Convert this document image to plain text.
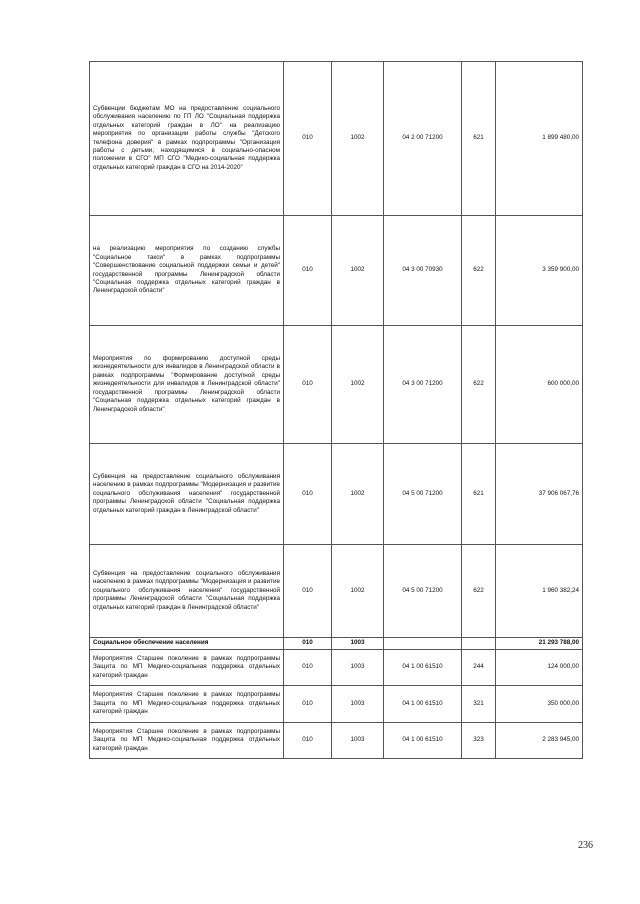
Субвенции бюджетам МО на предоставление социального обслуживания населению по ГП ЛО "Социальная поддержка отдельных категорий граждан в ЛО" на реализацию мероприятия по организации работы службы "Детского телефона доверия" в рамках подпрограммы "Организация работы с детьми, находящимися в социально-опасном положении в СГО" МП СГО "Медико-социальная поддержка отдельных категорий граждан в СГО на 2014-2020"	010	1002	04 2 00 71200	621	1 899 480,00
на реализацию мероприятия по созданию службы "Социальное такси" в рамках подпрограммы "Совершенствование социальной поддержки семьи и детей" государственной программы Ленинградской области "Социальная поддержка отдельных категорий граждан в Ленинградской области"	010	1002	04 3 00 70930	622	3 359 900,00
Мероприятия по формированию доступной среды жизнедеятельности для инвалидов в Ленинградской области в рамках подпрограммы "Формирование доступной среды жизнедеятельности для инвалидов в Ленинградской области" государственной программы Ленинградской области "Социальная поддержка отдельных категорий граждан в Ленинградской области"	010	1002	04 3 00 71200	622	600 000,00
Субвенция на предоставление социального обслуживания населению в рамках подпрограммы "Модернизация и развитие социального обслуживания населения" государственной программы Ленинградской области "Социальная поддержка отдельных категорий граждан в Ленинградской области"	010	1002	04 5 00 71200	621	37 906 067,76
Субвенция на предоставление социального обслуживания населению в рамках подпрограммы "Модернизация и развитие социального обслуживания населения" государственной программы Ленинградской области "Социальная поддержка отдельных категорий граждан в Ленинградской области"	010	1002	04 5 00 71200	622	1 960 382,24
Социальное обеспечение населения	010	1003			21 293 788,00
Мероприятия Старшее поколение в рамках подпрограммы Защита по МП Медико-социальная поддержка отдельных категорий граждан	010	1003	04 1 00 61510	244	124 000,00
Мероприятия Старшее поколение в рамках подпрограммы Защита по МП Медико-социальная поддержка отдельных категорий граждан	010	1003	04 1 00 61510	321	350 000,00
Мероприятия Старшее поколение в рамках подпрограммы Защита по МП Медико-социальная поддержка отдельных категорий граждан	010	1003	04 1 00 61510	323	2 283 945,00
236
